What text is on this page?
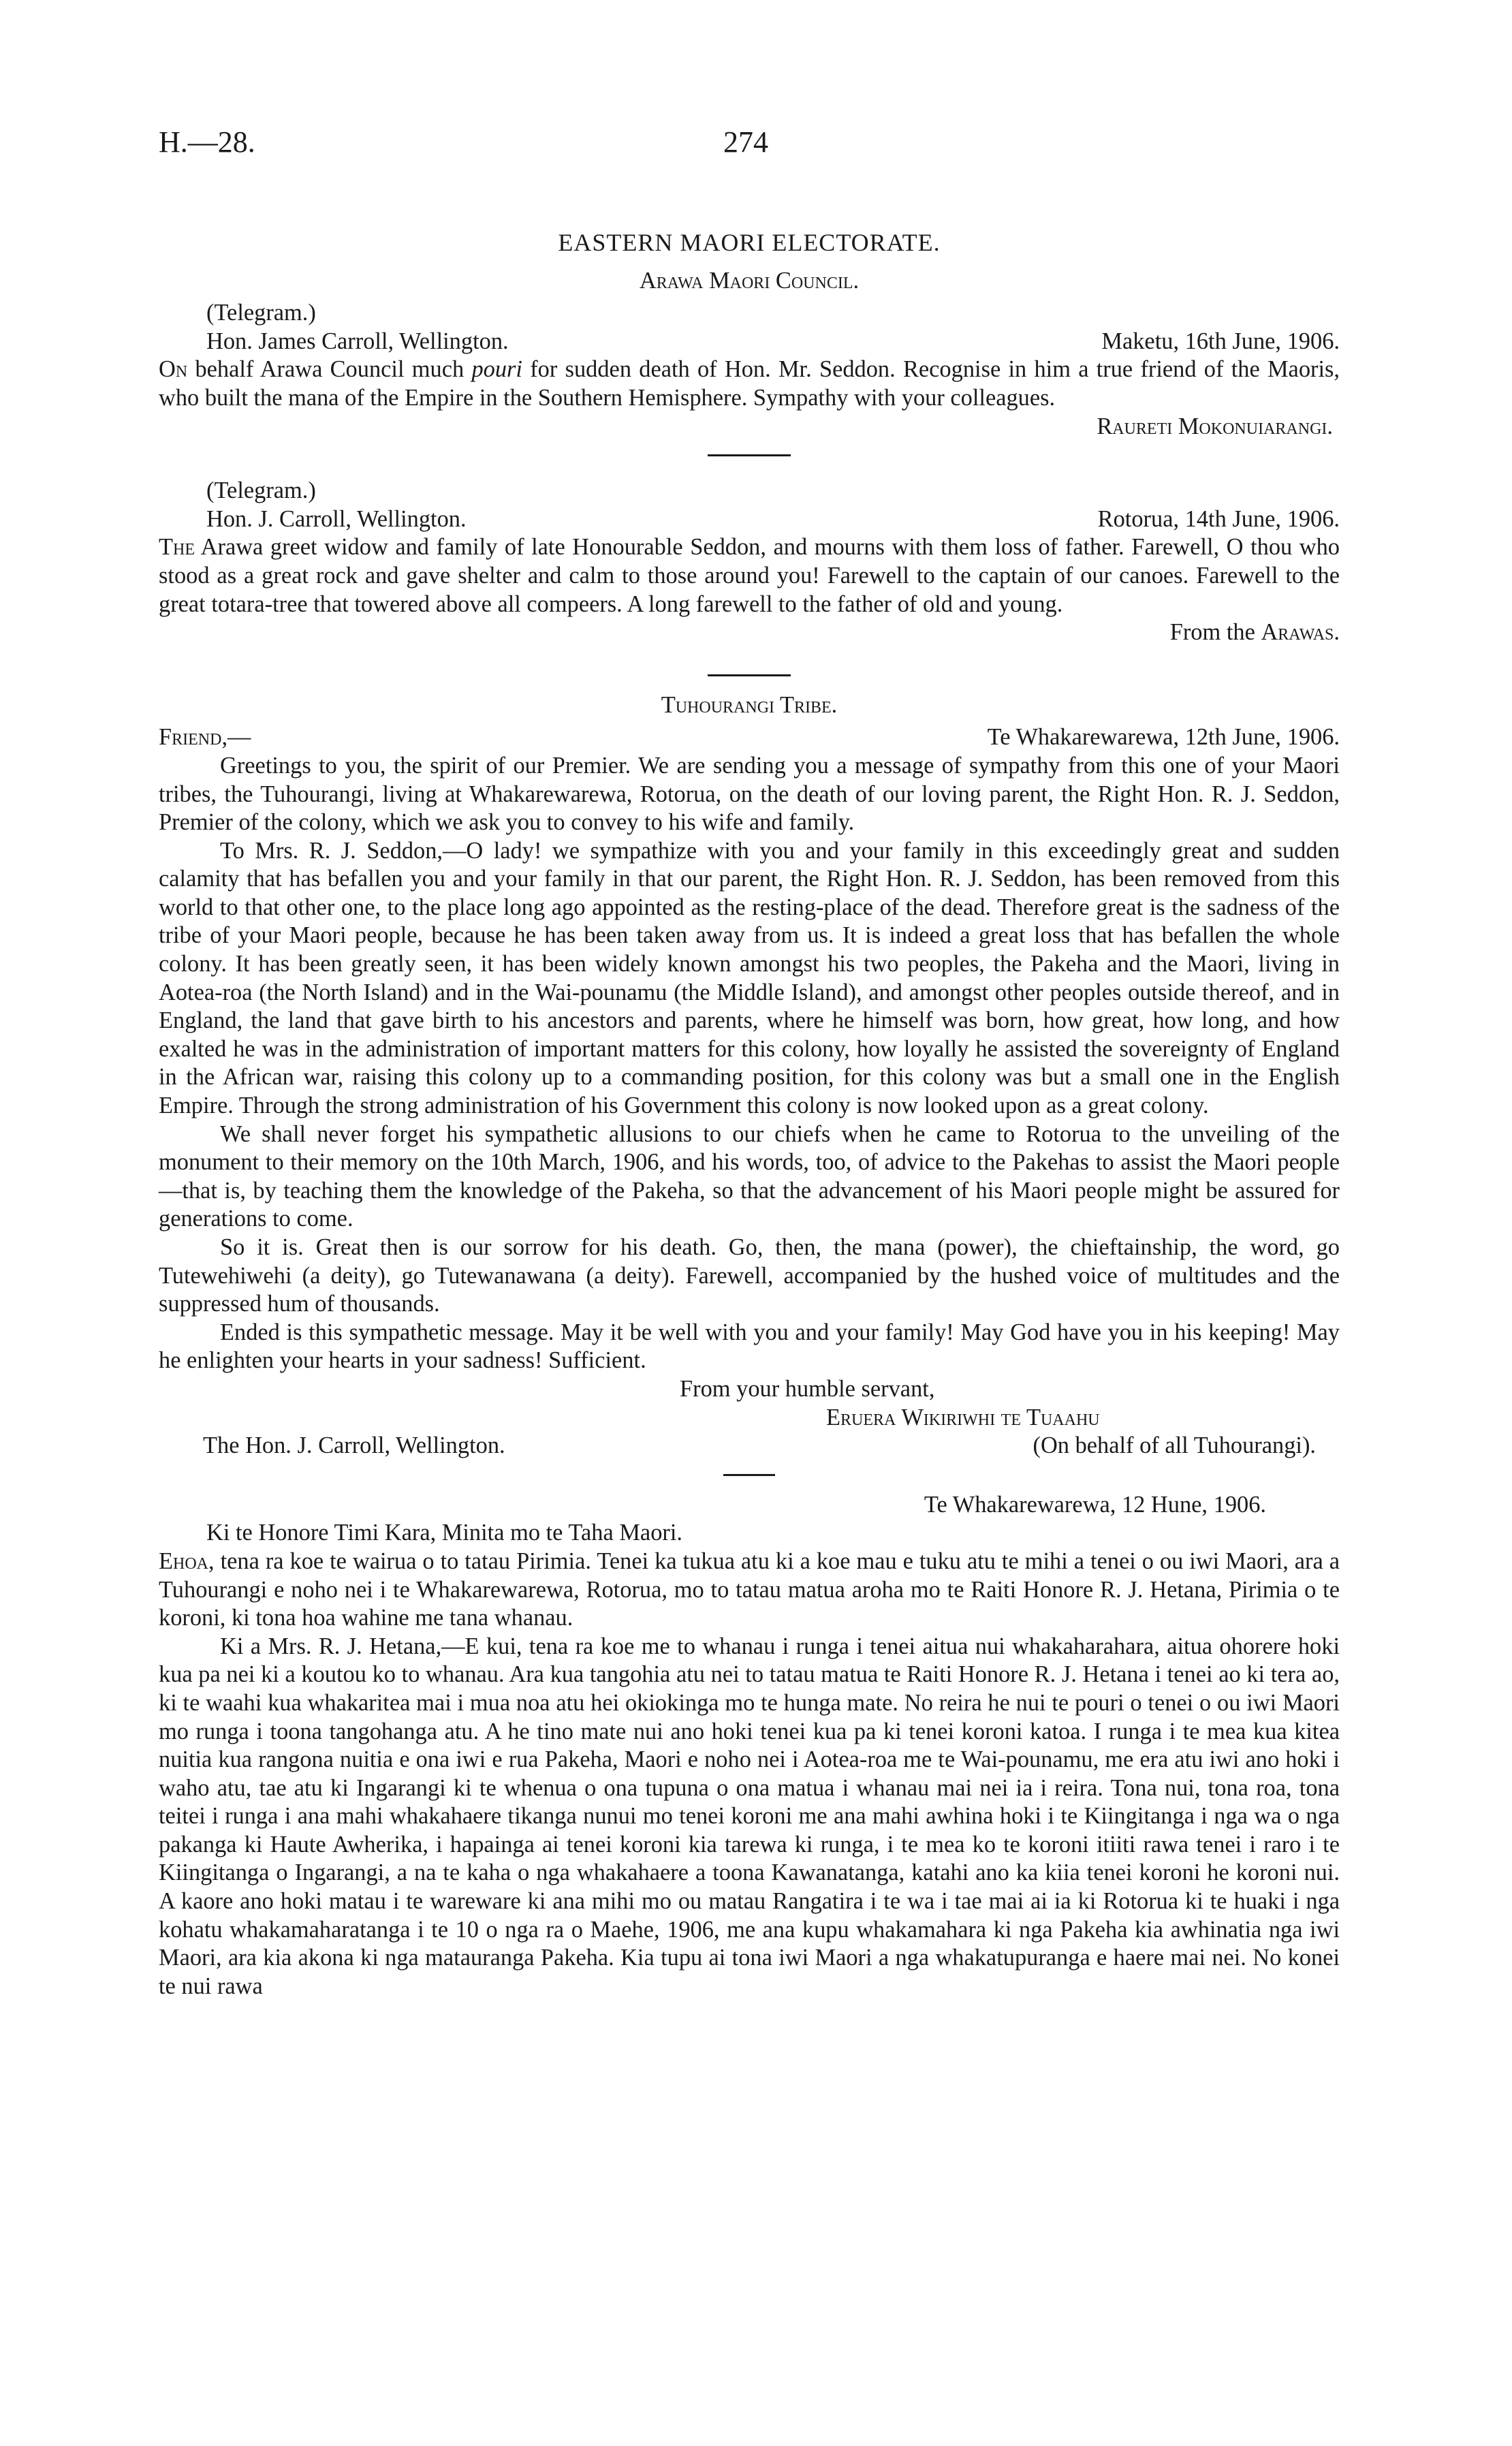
H.—28.	274
EASTERN MAORI ELECTORATE.
Arawa Maori Council.
(Telegram.)
Hon. James Carroll, Wellington.	Maketu, 16th June, 1906.

On behalf Arawa Council much pouri for sudden death of Hon. Mr. Seddon. Recognise in him a true friend of the Maoris, who built the mana of the Empire in the Southern Hemisphere. Sympathy with your colleagues.

Raureti Mokonuiarangi.
(Telegram.)
Hon. J. Carroll, Wellington.	Rotorua, 14th June, 1906.

The Arawa greet widow and family of late Honourable Seddon, and mourns with them loss of father. Farewell, O thou who stood as a great rock and gave shelter and calm to those around you! Farewell to the captain of our canoes. Farewell to the great totara-tree that towered above all compeers. A long farewell to the father of old and young.

From the Arawas.
Tuhourangi Tribe.
Friend,—	Te Whakarewarewa, 12th June, 1906.

Greetings to you, the spirit of our Premier. We are sending you a message of sympathy from this one of your Maori tribes, the Tuhourangi, living at Whakarewarewa, Rotorua, on the death of our loving parent, the Right Hon. R. J. Seddon, Premier of the colony, which we ask you to convey to his wife and family.

To Mrs. R. J. Seddon,—O lady! we sympathize with you and your family in this exceedingly great and sudden calamity that has befallen you and your family in that our parent, the Right Hon. R. J. Seddon, has been removed from this world to that other one, to the place long ago appointed as the resting-place of the dead. Therefore great is the sadness of the tribe of your Maori people, because he has been taken away from us. It is indeed a great loss that has befallen the whole colony. It has been greatly seen, it has been widely known amongst his two peoples, the Pakeha and the Maori, living in Aotea-roa (the North Island) and in the Wai-pounamu (the Middle Island), and amongst other peoples outside thereof, and in England, the land that gave birth to his ancestors and parents, where he himself was born, how great, how long, and how exalted he was in the administration of important matters for this colony, how loyally he assisted the sovereignty of England in the African war, raising this colony up to a commanding position, for this colony was but a small one in the English Empire. Through the strong administration of his Government this colony is now looked upon as a great colony.

We shall never forget his sympathetic allusions to our chiefs when he came to Rotorua to the unveiling of the monument to their memory on the 10th March, 1906, and his words, too, of advice to the Pakehas to assist the Maori people—that is, by teaching them the knowledge of the Pakeha, so that the advancement of his Maori people might be assured for generations to come.

So it is. Great then is our sorrow for his death. Go, then, the mana (power), the chieftainship, the word, go Tutewehiwehi (a deity), go Tutewanawana (a deity). Farewell, accompanied by the hushed voice of multitudes and the suppressed hum of thousands.

Ended is this sympathetic message. May it be well with you and your family! May God have you in his keeping! May he enlighten your hearts in your sadness! Sufficient.

From your humble servant,
Eruera Wikiriwhi te Tuaahu
The Hon. J. Carroll, Wellington.	(On behalf of all Tuhourangi).
Te Whakarewarewa, 12 Hune, 1906.
Ki te Honore Timi Kara, Minita mo te Taha Maori.

Ehoa, tena ra koe te wairua o to tatau Pirimia. Tenei ka tukua atu ki a koe mau e tuku atu te mihi a tenei o ou iwi Maori, ara a Tuhourangi e noho nei i te Whakarewarewa, Rotorua, mo to tatau matua aroha mo te Raiti Honore R. J. Hetana, Pirimia o te koroni, ki tona hoa wahine me tana whanau.

Ki a Mrs. R. J. Hetana,—E kui, tena ra koe me to whanau i runga i tenei aitua nui whakaharahara, aitua ohorere hoki kua pa nei ki a koutou ko to whanau. Ara kua tangohia atu nei to tatau matua te Raiti Honore R. J. Hetana i tenei ao ki tera ao, ki te waahi kua whakaritea mai i mua noa atu hei okiokinga mo te hunga mate. No reira he nui te pouri o tenei o ou iwi Maori mo runga i toona tangohanga atu. A he tino mate nui ano hoki tenei kua pa ki tenei koroni katoa. I runga i te mea kua kitea nuitia kua rangona nuitia e ona iwi e rua Pakeha, Maori e noho nei i Aotea-roa me te Wai-pounamu, me era atu iwi ano hoki i waho atu, tae atu ki Ingarangi ki te whenua o ona tupuna o ona matua i whanau mai nei ia i reira. Tona nui, tona roa, tona teitei i runga i ana mahi whakahaere tikanga nunui mo tenei koroni me ana mahi awhina hoki i te Kiingitanga i nga wa o nga pakanga ki Haute Awherika, i hapainga ai tenei koroni kia tarewa ki runga, i te mea ko te koroni itiiti rawa tenei i raro i te Kiingitanga o Ingarangi, a na te kaha o nga whakahaere a toona Kawanatanga, katahi ano ka kiia tenei koroni he koroni nui. A kaore ano hoki matau i te wareware ki ana mihi mo ou matau Rangatira i te wa i tae mai ai ia ki Rotorua ki te huaki i nga kohatu whakamaharatanga i te 10 o nga ra o Maehe, 1906, me ana kupu whakamahara ki nga Pakeha kia awhinatia nga iwi Maori, ara kia akona ki nga matauranga Pakeha. Kia tupu ai tona iwi Maori a nga whakatupuranga e haere mai nei. No konei te nui rawa
